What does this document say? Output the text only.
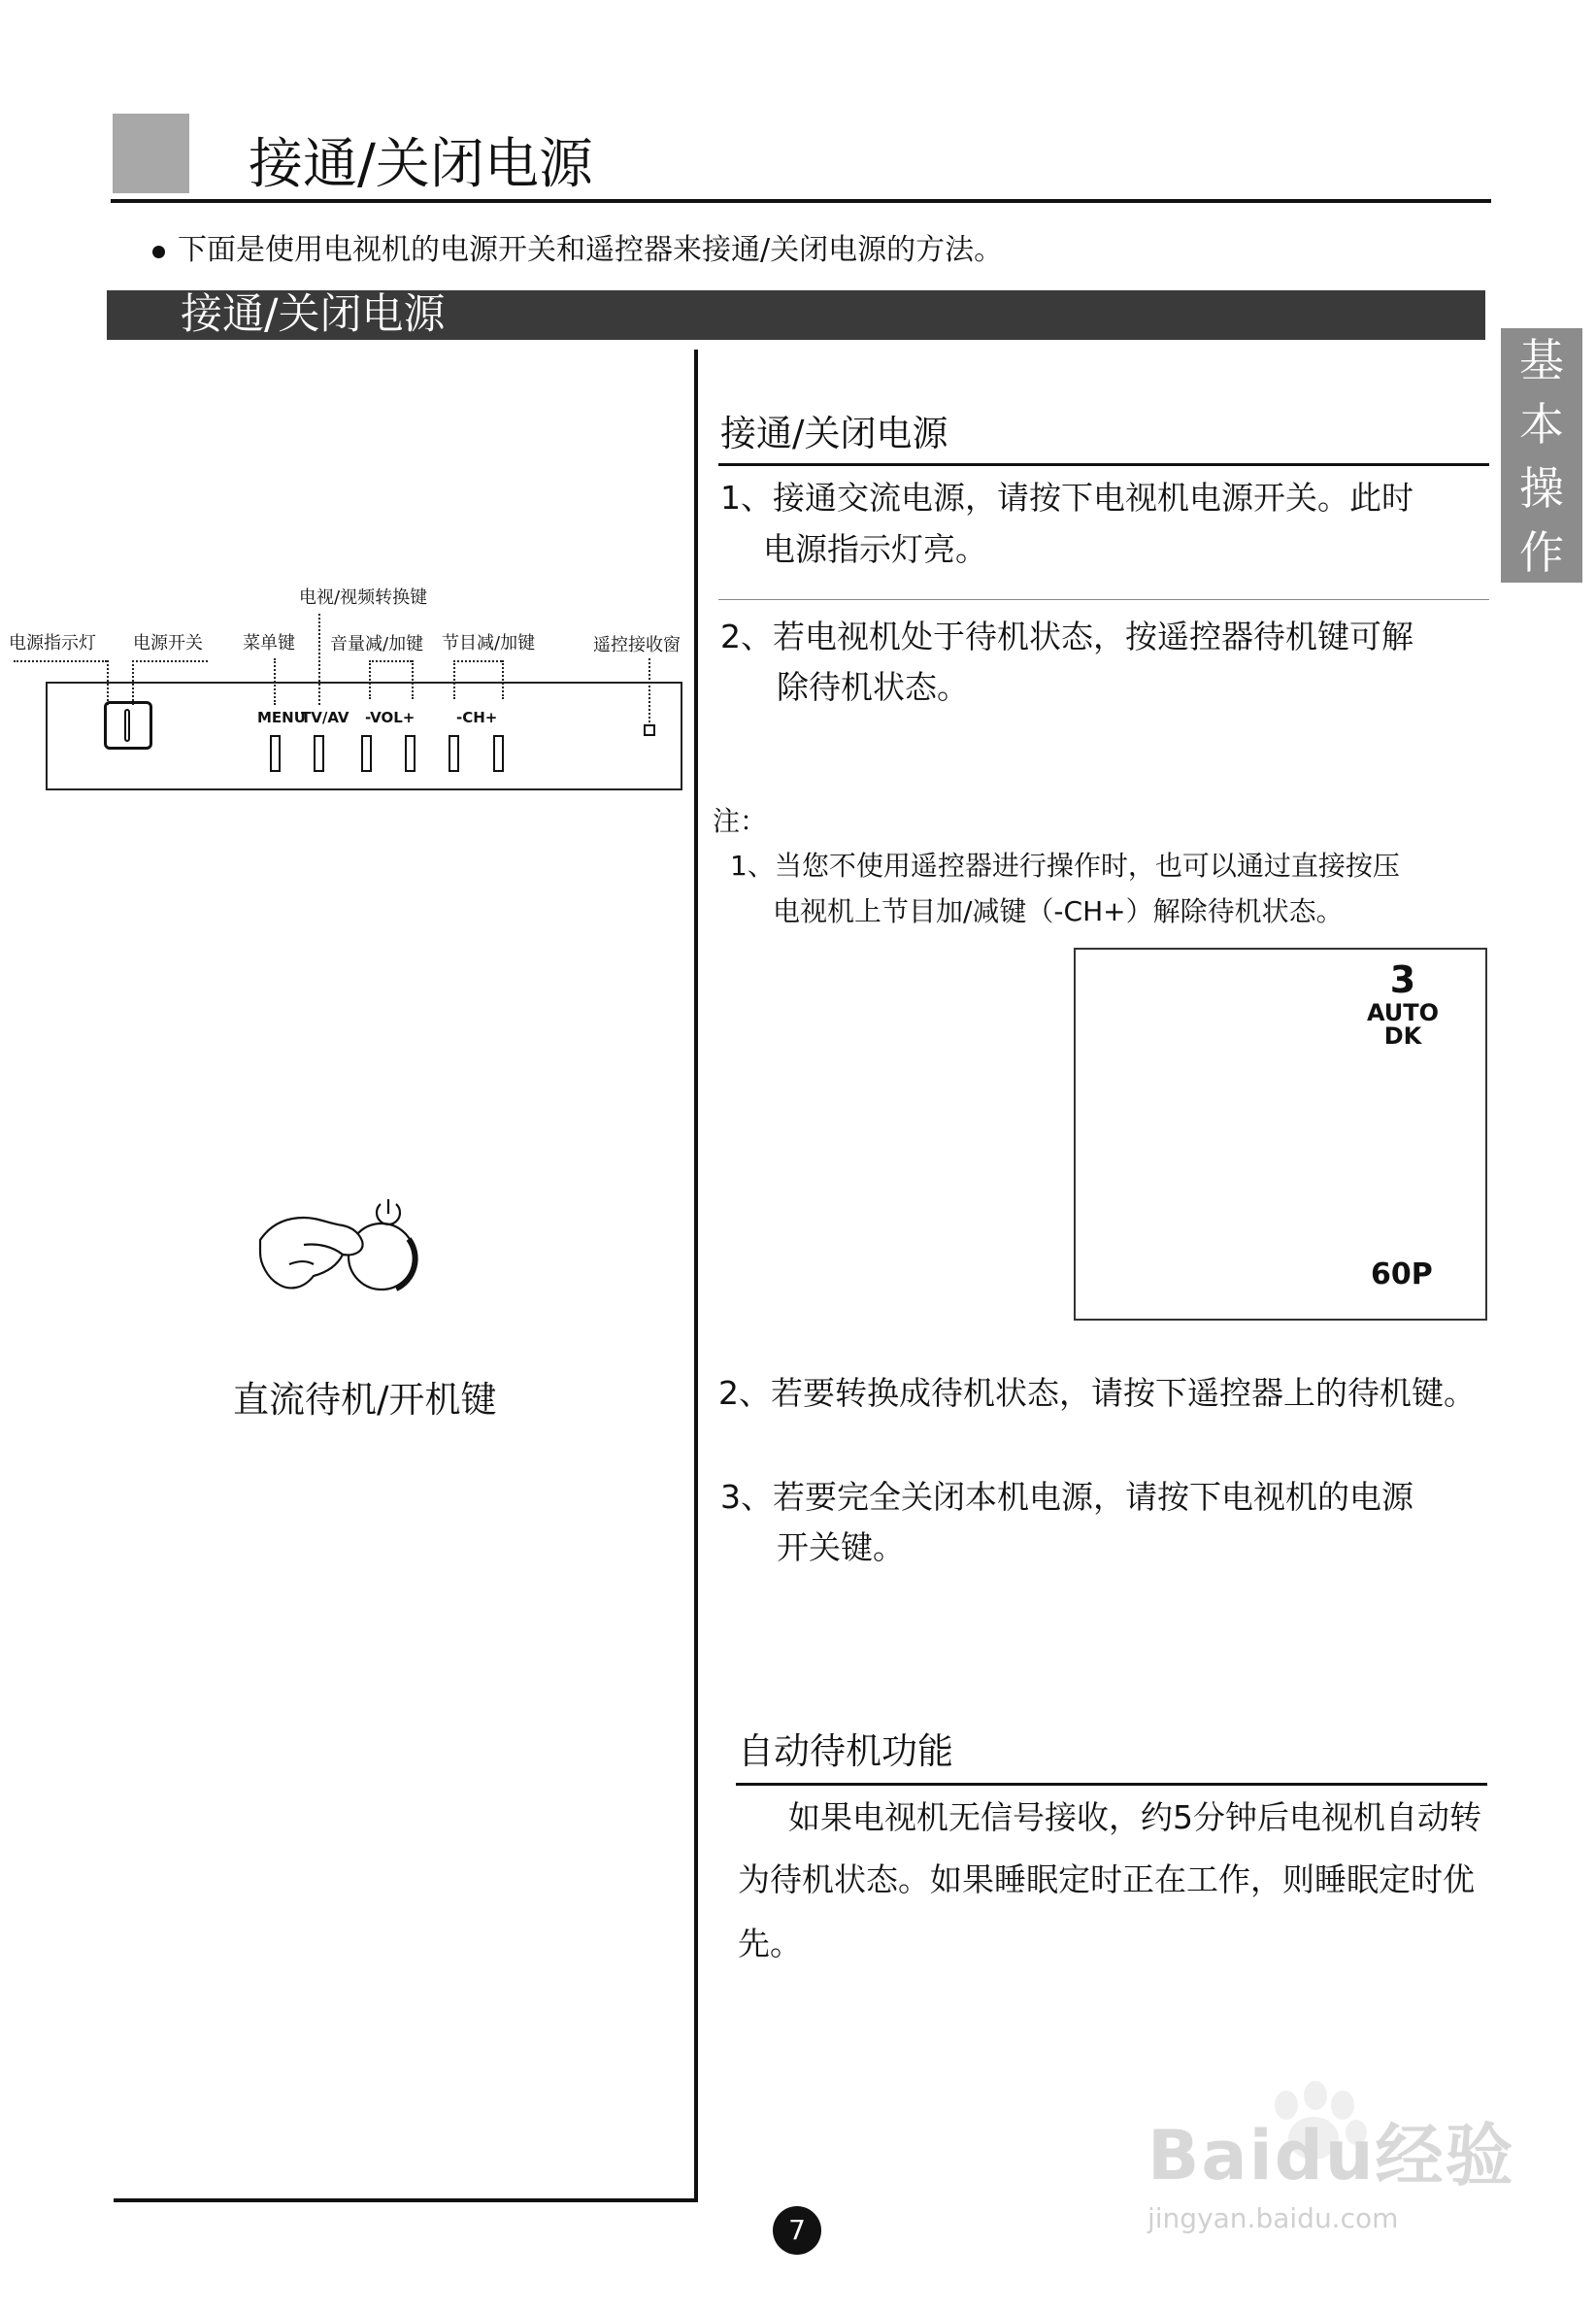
接通/关闭电源
下面是使用电视机的电源开关和遥控器来接通/关闭电源的方法。
接通/关闭电源
基
本
操
作
电视/视频转换键
电源指示灯 电源开关 菜单键 音量减/加键 节目减/加键	遥控接收窗
MENU
TV/AV -VOL+	-CH+
直流待机/开机键
接通/关闭电源
1、接通交流电源，请按下电视机电源开关。此时
电源指示灯亮。
2、若电视机处于待机状态，按遥控器待机键可解
除待机状态。
注：
1、当您不使用遥控器进行操作时，也可以通过直接按压
电视机上节目加/减键（-CH+）解除待机状态。
3
AUTO
DK
60P
2、若要转换成待机状态，请按下遥控器上的待机键。
3、若要完全关闭本机电源，请按下电视机的电源
开关键。
自动待机功能
如果电视机无信号接收，约5分钟后电视机自动转
为待机状态。如果睡眠定时正在工作，则睡眠定时优
先。
7
Baidu经验
jingyan.baidu.com
